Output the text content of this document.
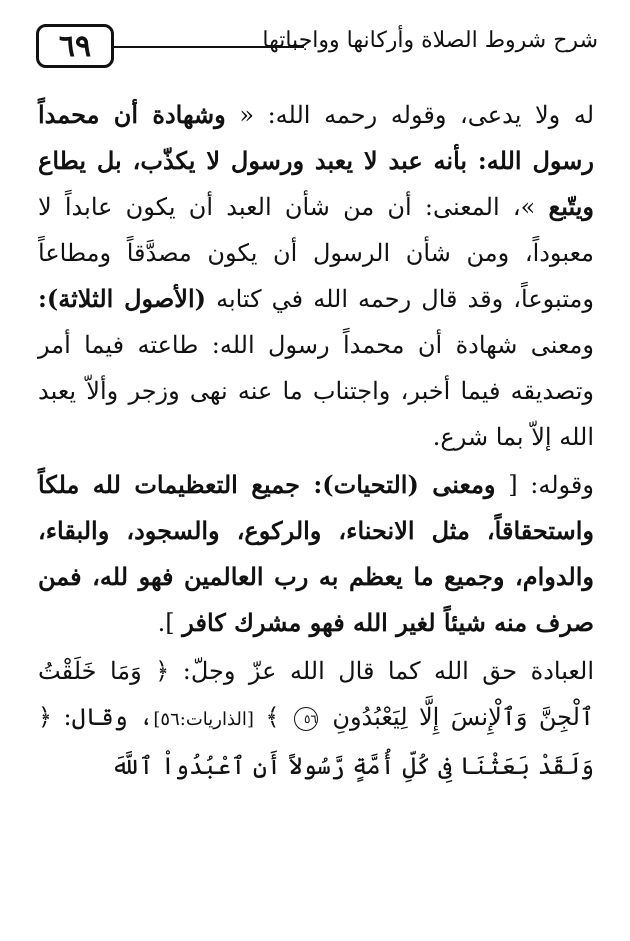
٦٩	شرح شروط الصلاة وأركانها وواجباتها

له ولا يدعى، وقوله رحمه الله: « وشهادة أن محمداً رسول الله: بأنه عبد لا يعبد ورسول لا يكذّب، بل يطاع ويتّبع »، المعنى: أن من شأن العبد أن يكون عابداً لا معبوداً، ومن شأن الرسول أن يكون مصدَّقاً ومطاعاً ومتبوعاً، وقد قال رحمه الله في كتابه (الأصول الثلاثة): ومعنى شهادة أن محمداً رسول الله: طاعته فيما أمر وتصديقه فيما أخبر، واجتناب ما عنه نهى وزجر وألاّ يعبد الله إلاّ بما شرع.

وقوله: [ ومعنى (التحيات): جميع التعظيمات لله ملكاً واستحقاقاً، مثل الانحناء، والركوع، والسجود، والبقاء، والدوام، وجميع ما يعظم به رب العالمين فهو لله، فمن صرف منه شيئاً لغير الله فهو مشرك كافر ].

العبادة حق الله كما قال الله عزّ وجلّ: ﴿ وَمَا خَلَقْتُ ٱلْجِنَّ وَٱلْإِنسَ إِلَّا لِيَعْبُدُونِ ٥٦ ﴾ [الذاريات:٥٦]، وقال: ﴿ وَلَقَدْ بَعَثْنَا فِى كُلِّ أُمَّةٍ رَّسُولاً أَنِ ٱعْبُدُواْ ٱللَّهَ
